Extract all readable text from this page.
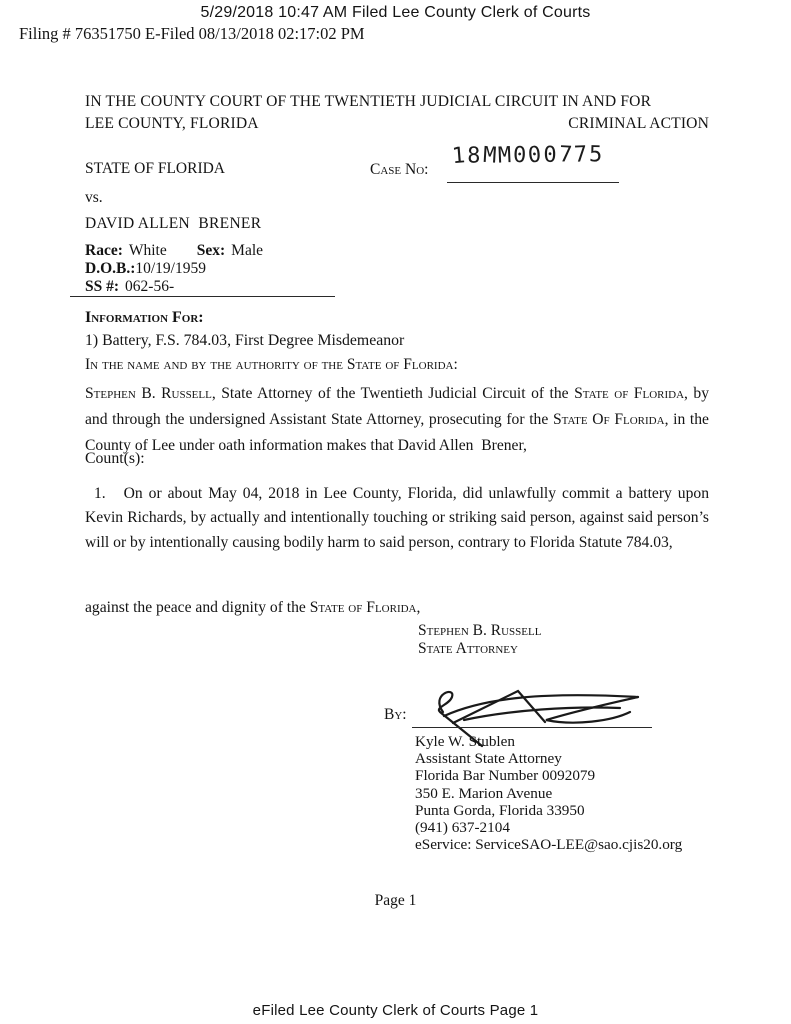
5/29/2018 10:47 AM Filed Lee County Clerk of Courts
Filing # 76351750 E-Filed 08/13/2018 02:17:02 PM
IN THE COUNTY COURT OF THE TWENTIETH JUDICIAL CIRCUIT IN AND FOR
LEE COUNTY, FLORIDA	CRIMINAL ACTION
STATE OF FLORIDA	Case No:
18MM000775
vs.
DAVID ALLEN  BRENER
Race: White Sex: Male
D.O.B.:10/19/1959
SS #: 062-56-
Information For:
1) Battery, F.S. 784.03, First Degree Misdemeanor
In the name and by the authority of the State of Florida:
Stephen B. Russell, State Attorney of the Twentieth Judicial Circuit of the State of Florida, by and through the undersigned Assistant State Attorney, prosecuting for the State Of Florida, in the County of Lee under oath information makes that David Allen  Brener,
Count(s):
1.   On or about May 04, 2018 in Lee County, Florida, did unlawfully commit a battery upon Kevin Richards, by actually and intentionally touching or striking said person, against said person’s will or by intentionally causing bodily harm to said person, contrary to Florida Statute 784.03,
against the peace and dignity of the State of Florida,
Stephen B. Russell
State Attorney
By:
Kyle W. Stublen
Assistant State Attorney
Florida Bar Number 0092079
350 E. Marion Avenue
Punta Gorda, Florida 33950
(941) 637-2104
eService: ServiceSAO-LEE@sao.cjis20.org
Page 1
eFiled Lee County Clerk of Courts Page 1
